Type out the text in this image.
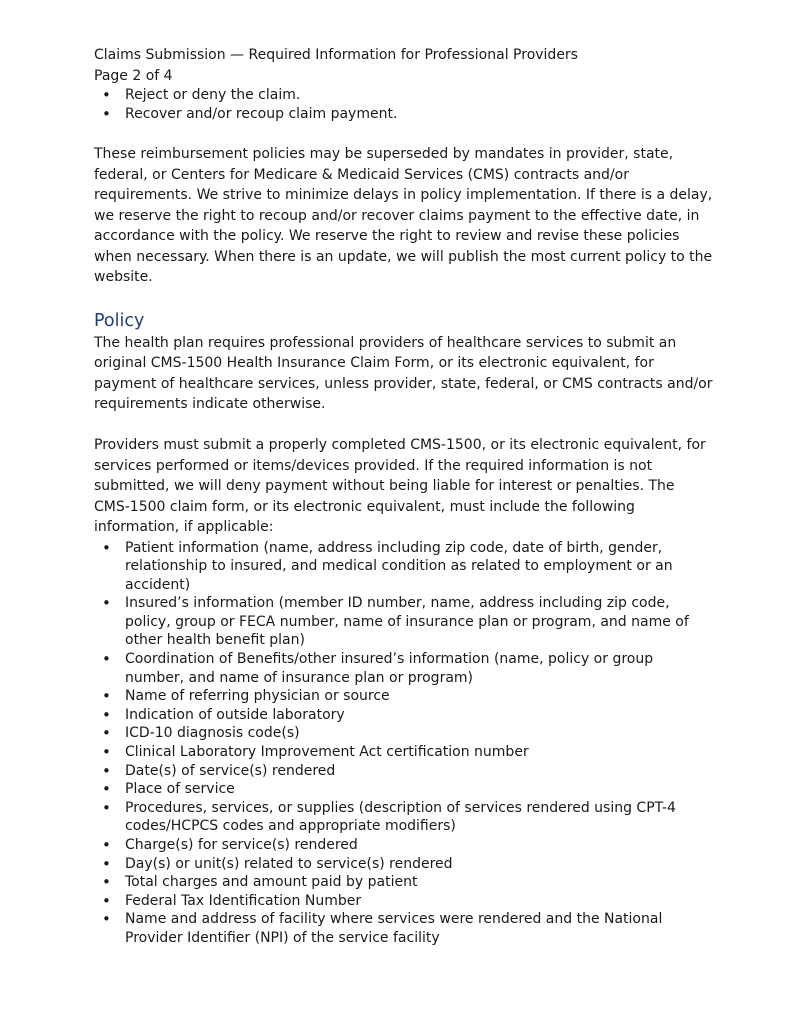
Claims Submission — Required Information for Professional Providers

Page 2 of 4

• Reject or deny the claim.
• Recover and/or recoup claim payment.

These reimbursement policies may be superseded by mandates in provider, state, federal, or Centers for Medicare & Medicaid Services (CMS) contracts and/or requirements. We strive to minimize delays in policy implementation. If there is a delay, we reserve the right to recoup and/or recover claims payment to the effective date, in accordance with the policy. We reserve the right to review and revise these policies when necessary. When there is an update, we will publish the most current policy to the website.

Policy

The health plan requires professional providers of healthcare services to submit an original CMS-1500 Health Insurance Claim Form, or its electronic equivalent, for payment of healthcare services, unless provider, state, federal, or CMS contracts and/or requirements indicate otherwise.

Providers must submit a properly completed CMS-1500, or its electronic equivalent, for services performed or items/devices provided. If the required information is not submitted, we will deny payment without being liable for interest or penalties. The CMS-1500 claim form, or its electronic equivalent, must include the following information, if applicable:

• Patient information (name, address including zip code, date of birth, gender, relationship to insured, and medical condition as related to employment or an accident)
• Insured’s information (member ID number, name, address including zip code, policy, group or FECA number, name of insurance plan or program, and name of other health benefit plan)
• Coordination of Benefits/other insured’s information (name, policy or group number, and name of insurance plan or program)
• Name of referring physician or source
• Indication of outside laboratory
• ICD-10 diagnosis code(s)
• Clinical Laboratory Improvement Act certification number
• Date(s) of service(s) rendered
• Place of service
• Procedures, services, or supplies (description of services rendered using CPT-4 codes/HCPCS codes and appropriate modifiers)
• Charge(s) for service(s) rendered
• Day(s) or unit(s) related to service(s) rendered
• Total charges and amount paid by patient
• Federal Tax Identification Number
• Name and address of facility where services were rendered and the National Provider Identifier (NPI) of the service facility
